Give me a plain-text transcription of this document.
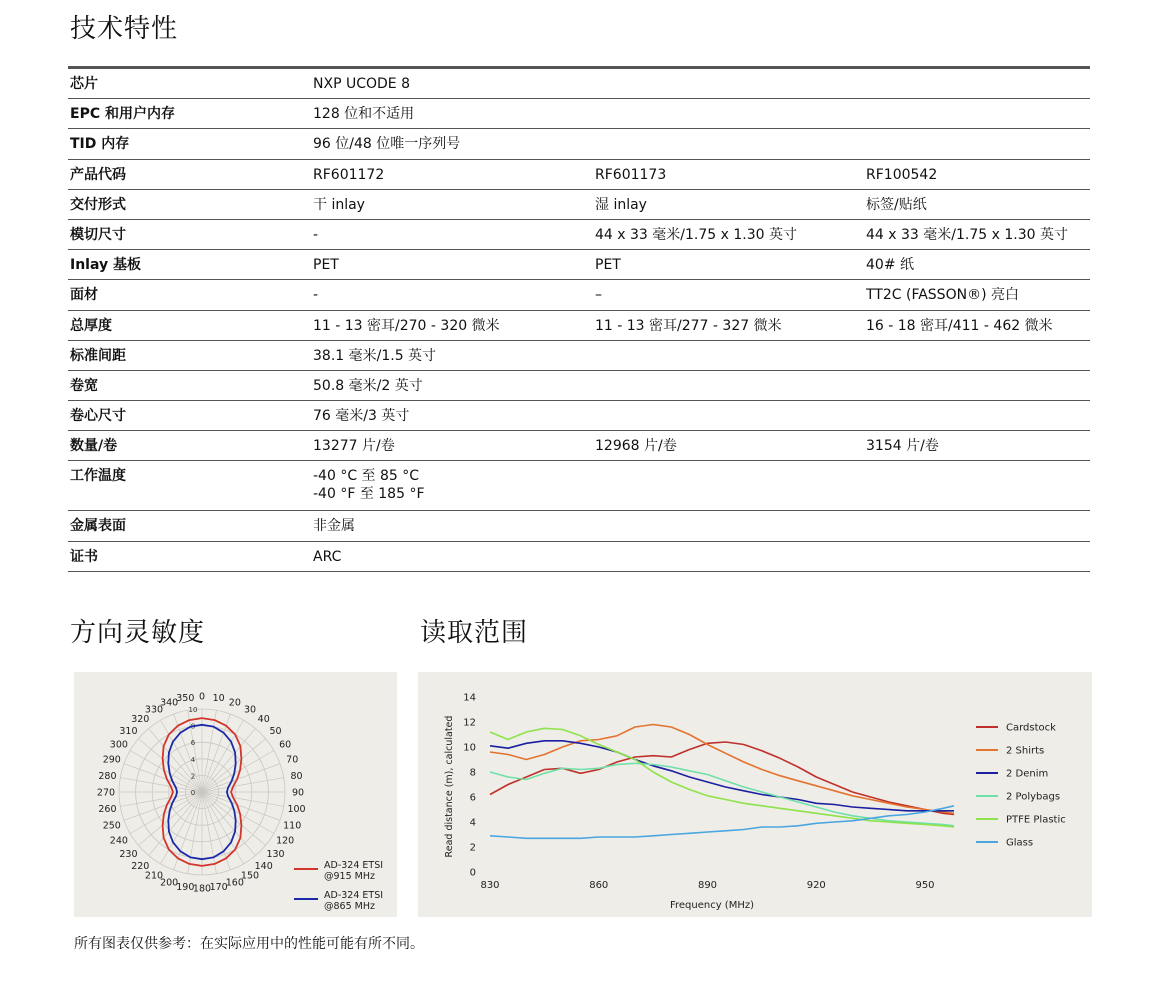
技术特性
芯片	NXP UCODE 8
EPC 和用户内存	128 位和不适用
TID 内存	96 位/48 位唯一序列号
产品代码	RF601172	RF601173	RF100542
交付形式	干 inlay	湿 inlay	标签/贴纸
模切尺寸	-	44 x 33 毫米/1.75 x 1.30 英寸	44 x 33 毫米/1.75 x 1.30 英寸
Inlay 基板	PET	PET	40# 纸
面材	-	–	TT2C (FASSON®) 亮白
总厚度	11 - 13 密耳/270 - 320 微米	11 - 13 密耳/277 - 327 微米	16 - 18 密耳/411 - 462 微米
标准间距	38.1 毫米/1.5 英寸
卷宽	50.8 毫米/2 英寸
卷心尺寸	76 毫米/3 英寸
数量/卷	13277 片/卷	12968 片/卷	3154 片/卷
工作温度	-40 °C 至 85 °C
-40 °F 至 185 °F
金属表面	非金属
证书	ARC
方向灵敏度	读取范围
0 10 20
30
40
50
60
70
80
90
100
110
120
130
140
150
160
170
180
190
200
210
220
230
240
250
260
270
280
290
300
310
320
330
340
350
0
2
4
6
8
10
AD-324 ETSI
@915 MHz
AD-324 ETSI
@865 MHz
0
2
4
6
8
10
12
14
830	860	890	920	950
Frequency (MHz)
Read distance (m), calculated	Cardstock
2 Shirts
2 Denim
2 Polybags
PTFE Plastic
Glass
所有图表仅供参考：在实际应用中的性能可能有所不同。
